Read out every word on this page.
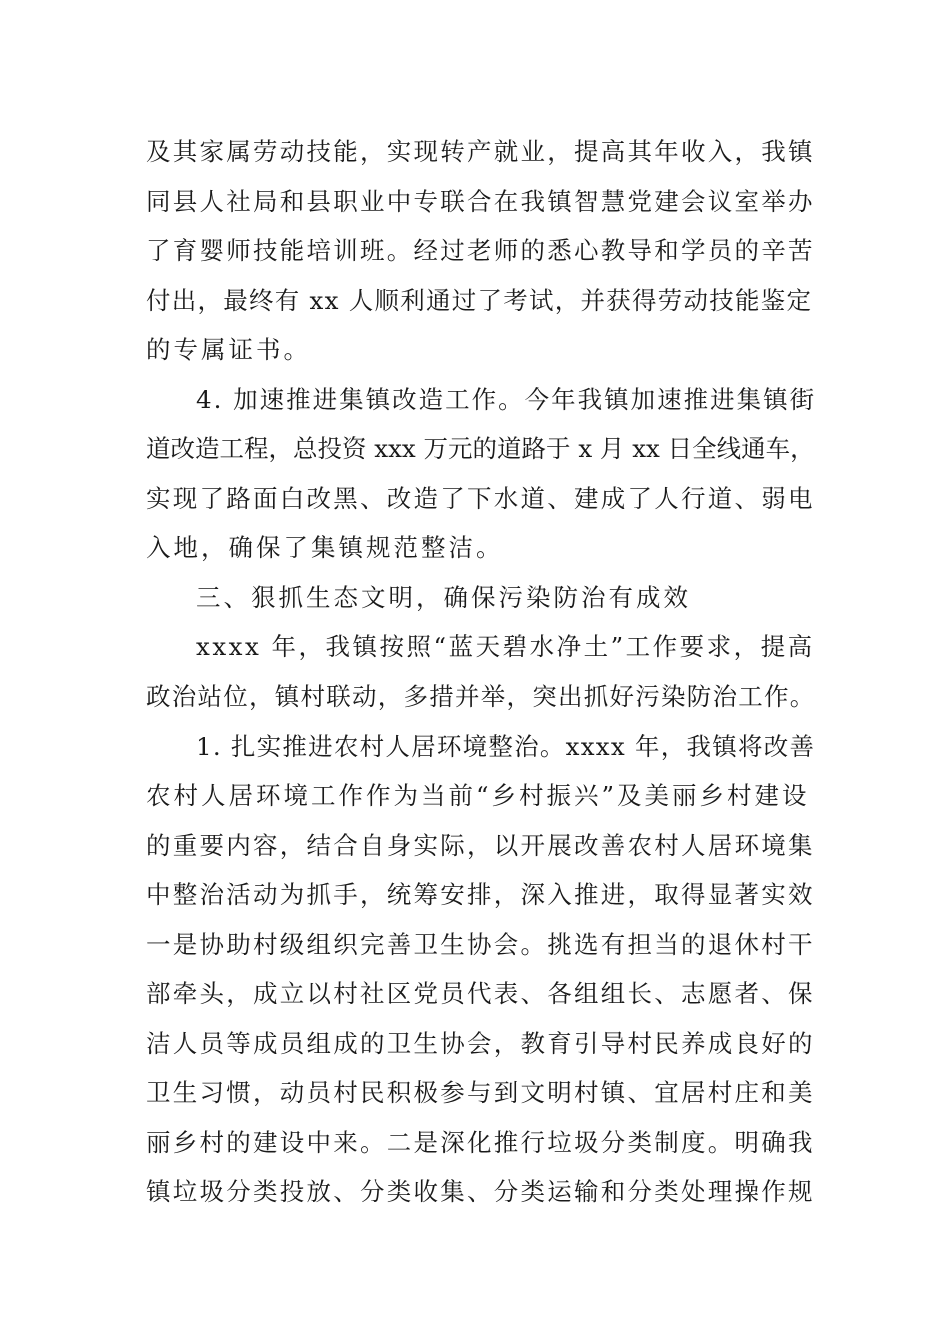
及其家属劳动技能，实现转产就业，提高其年收入，我镇
同县人社局和县职业中专联合在我镇智慧党建会议室举办
了育婴师技能培训班。经过老师的悉心教导和学员的辛苦
付出，最终有 xx 人顺利通过了考试，并获得劳动技能鉴定
的专属证书。
4. 加速推进集镇改造工作。今年我镇加速推进集镇街
道改造工程，总投资 xxx 万元的道路于 x 月 xx 日全线通车，
实现了路面白改黑、改造了下水道、建成了人行道、弱电
入地，确保了集镇规范整洁。
三、狠抓生态文明，确保污染防治有成效
xxxx 年，我镇按照“蓝天碧水净土”工作要求，提高
政治站位，镇村联动，多措并举，突出抓好污染防治工作。
1. 扎实推进农村人居环境整治。xxxx 年，我镇将改善
农村人居环境工作作为当前“乡村振兴”及美丽乡村建设
的重要内容，结合自身实际，以开展改善农村人居环境集
中整治活动为抓手，统筹安排，深入推进，取得显著实效
一是协助村级组织完善卫生协会。挑选有担当的退休村干
部牵头，成立以村社区党员代表、各组组长、志愿者、保
洁人员等成员组成的卫生协会，教育引导村民养成良好的
卫生习惯，动员村民积极参与到文明村镇、宜居村庄和美
丽乡村的建设中来。二是深化推行垃圾分类制度。明确我
镇垃圾分类投放、分类收集、分类运输和分类处理操作规
